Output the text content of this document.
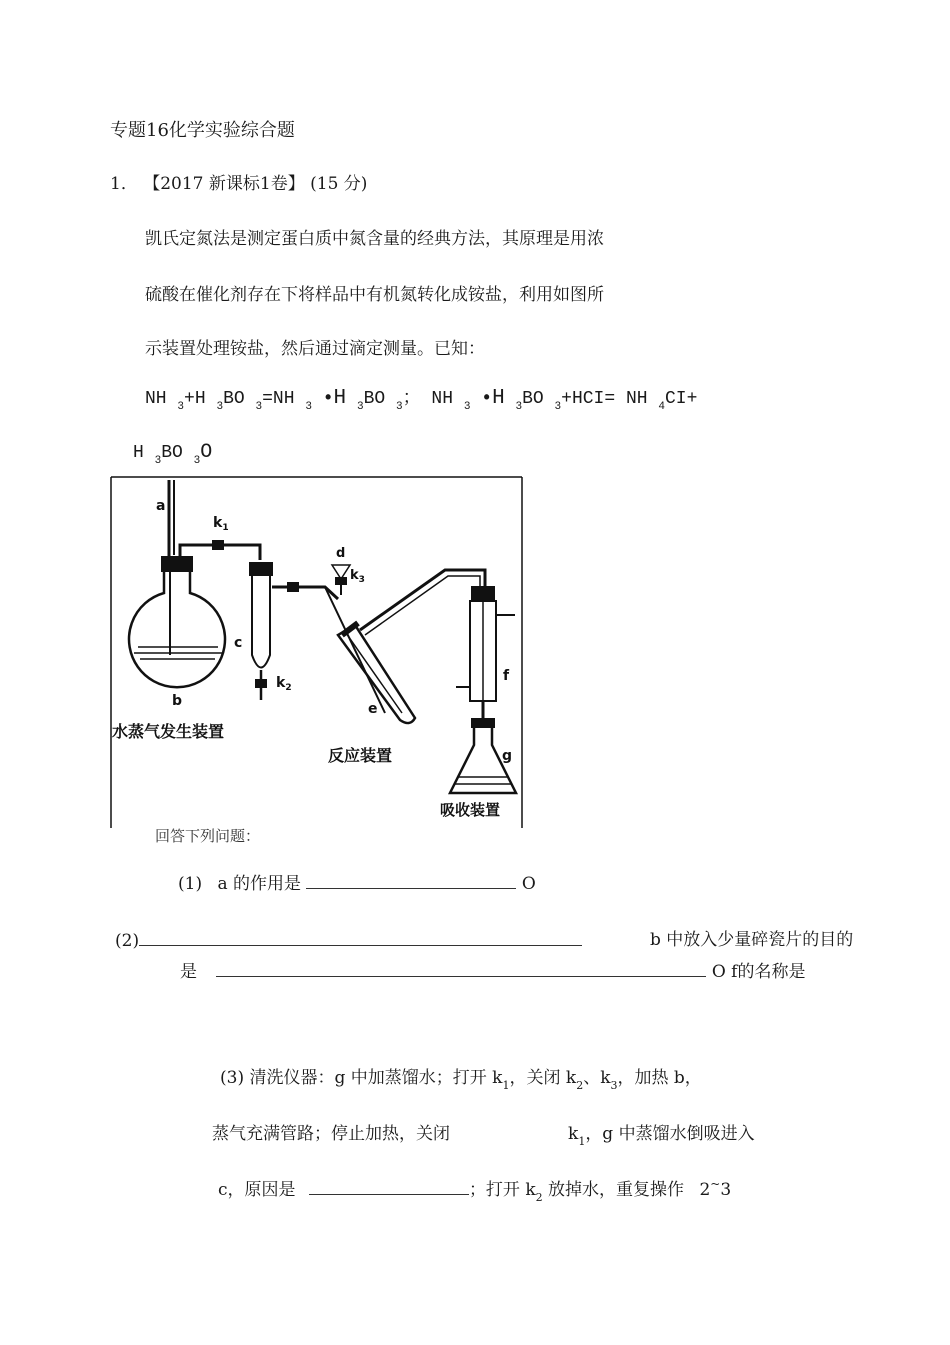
专题16化学实验综合题
1． 【2017 新课标1卷】 (15 分)
凯氏定氮法是测定蛋白质中氮含量的经典方法，其原理是用浓
硫酸在催化剂存在下将样品中有机氮转化成铵盐，利用如图所
示装置处理铵盐，然后通过滴定测量。已知：
NH $_3$+H $_3$BO $_3$=NH $_3$ •H $_3$BO $_3$； NH $_3$ •H $_3$BO $_3$+HCI= NH $_4$CI+
H $_3$BO $_3$O
a
$k_1$
d
$k_3$
c
$k_2$
b	e
f
g
水蒸气发生装置
反应装置
吸收装置
回答下列问题：
(1) a 的作用是	O
(2)	b 中放入少量碎瓷片的目的
是	O f的名称是
(3) 清洗仪器：g 中加蒸馏水；打开 $k_1$，关闭 $k_2$、$k_3$，加热 b，
蒸气充满管路；停止加热，关闭	$k_1$，g 中蒸馏水倒吸进入
c，原因是	；打开 $k_2$ 放掉水，重复操作 2~3
